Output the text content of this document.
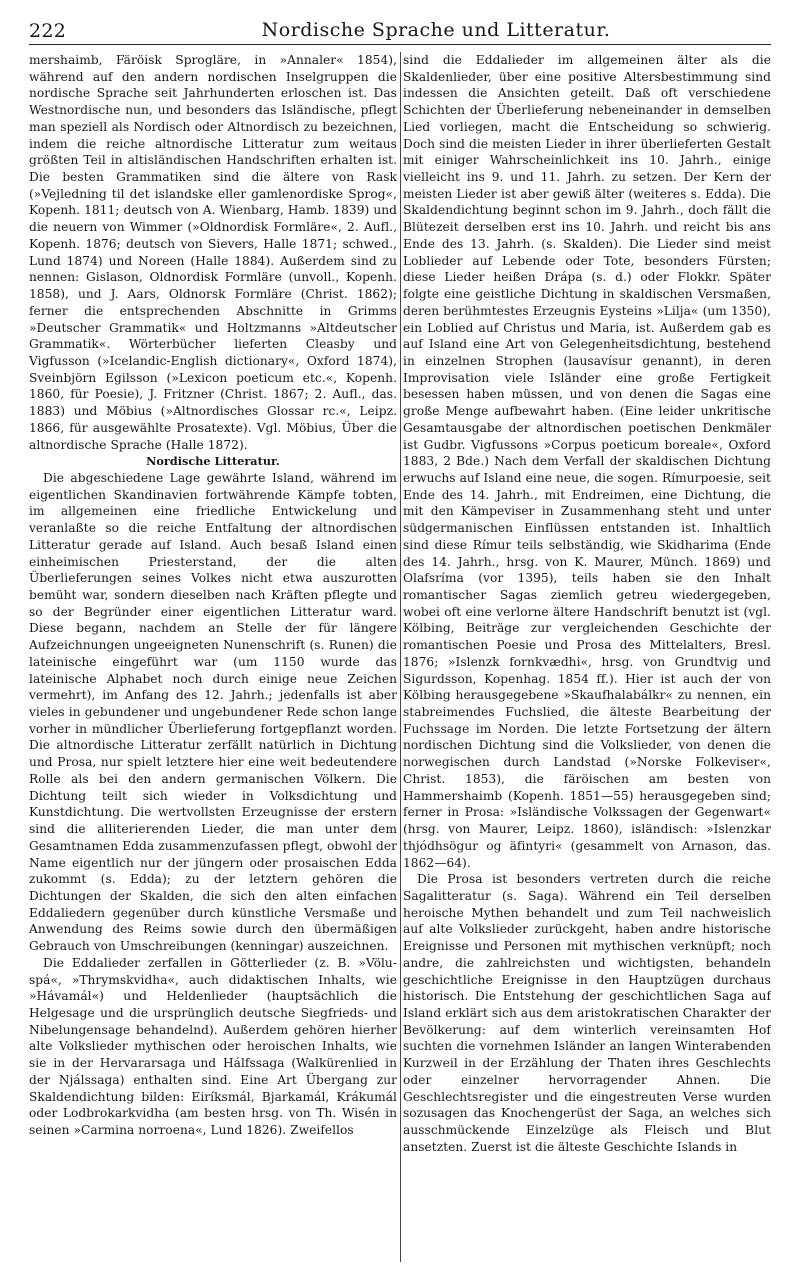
222	Nordische Sprache und Litteratur.

mershaimb, Färöisk Sprogläre, in »Annaler« 1854), während auf den andern nordischen Inselgruppen die nordische Sprache seit Jahrhunderten erloschen ist. Das Westnordische nun, und besonders das Isländische, pflegt man speziell als Nordisch oder Altnordisch zu bezeichnen, indem die reiche altnordische Litteratur zum weitaus größten Teil in altisländischen Handschriften erhalten ist. Die besten Grammatiken sind die ältere von Rask (»Vejledning til det islandske eller gamlenordiske Sprog«, Kopenh. 1811; deutsch von A. Wienbarg, Hamb. 1839) und die neuern von Wimmer (»Oldnordisk Formläre«, 2. Aufl., Kopenh. 1876; deutsch von Sievers, Halle 1871; schwed., Lund 1874) und Noreen (Halle 1884). Außerdem sind zu nennen: Gislason, Oldnordisk Formläre (unvoll., Kopenh. 1858), und J. Aars, Oldnorsk Formläre (Christ. 1862); ferner die entsprechenden Abschnitte in Grimms »Deutscher Grammatik« und Holtzmanns »Altdeutscher Grammatik«. Wörterbücher lieferten Cleasby und Vigfusson (»Icelandic-English dictionary«, Oxford 1874), Sveinbjörn Egilsson (»Lexicon poeticum etc.«, Kopenh. 1860, für Poesie), J. Fritzner (Christ. 1867; 2. Aufl., das. 1883) und Möbius (»Altnordisches Glossar rc.«, Leipz. 1866, für ausgewählte Prosatexte). Vgl. Möbius, Über die altnordische Sprache (Halle 1872).

Nordische Litteratur.

Die abgeschiedene Lage gewährte Island, während im eigentlichen Skandinavien fortwährende Kämpfe tobten, im allgemeinen eine friedliche Entwickelung und veranlaßte so die reiche Entfaltung der altnordischen Litteratur gerade auf Island. Auch besaß Island einen einheimischen Priesterstand, der die alten Überlieferungen seines Volkes nicht etwa auszurotten bemüht war, sondern dieselben nach Kräften pflegte und so der Begründer einer eigentlichen Litteratur ward. Diese begann, nachdem an Stelle der für längere Aufzeichnungen ungeeigneten Nunenschrift (s. Runen) die lateinische eingeführt war (um 1150 wurde das lateinische Alphabet noch durch einige neue Zeichen vermehrt), im Anfang des 12. Jahrh.; jedenfalls ist aber vieles in gebundener und ungebundener Rede schon lange vorher in mündlicher Überlieferung fortgepflanzt worden. Die altnordische Litteratur zerfällt natürlich in Dichtung und Prosa, nur spielt letztere hier eine weit bedeutendere Rolle als bei den andern germanischen Völkern. Die Dichtung teilt sich wieder in Volksdichtung und Kunstdichtung. Die wertvollsten Erzeugnisse der erstern sind die alliterierenden Lieder, die man unter dem Gesamtnamen Edda zusammenzufassen pflegt, obwohl der Name eigentlich nur der jüngern oder prosaischen Edda zukommt (s. Edda); zu der letztern gehören die Dichtungen der Skalden, die sich den alten einfachen Eddaliedern gegenüber durch künstliche Versmaße und Anwendung des Reims sowie durch den übermäßigen Gebrauch von Umschreibungen (kenningar) auszeichnen.

Die Eddalieder zerfallen in Götterlieder (z. B. »Völu-spá«, »Thrymskvidha«, auch didaktischen Inhalts, wie »Hávamál«) und Heldenlieder (hauptsächlich die Helgesage und die ursprünglich deutsche Siegfrieds- und Nibelungensage behandelnd). Außerdem gehören hierher alte Volkslieder mythischen oder heroischen Inhalts, wie sie in der Hervararsaga und Hálfssaga (Walkürenlied in der Njálssaga) enthalten sind. Eine Art Übergang zur Skaldendichtung bilden: Eiríksmál, Bjarkamál, Krákumál oder Lodbrokarkvidha (am besten hrsg. von Th. Wisén in seinen »Carmina norroena«, Lund 1826). Zweifellos

sind die Eddalieder im allgemeinen älter als die Skaldenlieder, über eine positive Altersbestimmung sind indessen die Ansichten geteilt. Daß oft verschiedene Schichten der Überlieferung nebeneinander in demselben Lied vorliegen, macht die Entscheidung so schwierig. Doch sind die meisten Lieder in ihrer überlieferten Gestalt mit einiger Wahrscheinlichkeit ins 10. Jahrh., einige vielleicht ins 9. und 11. Jahrh. zu setzen. Der Kern der meisten Lieder ist aber gewiß älter (weiteres s. Edda). Die Skaldendichtung beginnt schon im 9. Jahrh., doch fällt die Blütezeit derselben erst ins 10. Jahrh. und reicht bis ans Ende des 13. Jahrh. (s. Skalden). Die Lieder sind meist Loblieder auf Lebende oder Tote, besonders Fürsten; diese Lieder heißen Drápa (s. d.) oder Flokkr. Später folgte eine geistliche Dichtung in skaldischen Versmaßen, deren berühmtestes Erzeugnis Eysteins »Lilja« (um 1350), ein Loblied auf Christus und Maria, ist. Außerdem gab es auf Island eine Art von Gelegenheitsdichtung, bestehend in einzelnen Strophen (lausavísur genannt), in deren Improvisation viele Isländer eine große Fertigkeit besessen haben müssen, und von denen die Sagas eine große Menge aufbewahrt haben. (Eine leider unkritische Gesamtausgabe der altnordischen poetischen Denkmäler ist Gudbr. Vigfussons »Corpus poeticum boreale«, Oxford 1883, 2 Bde.) Nach dem Verfall der skaldischen Dichtung erwuchs auf Island eine neue, die sogen. Rímurpoesie, seit Ende des 14. Jahrh., mit Endreimen, eine Dichtung, die mit den Kämpeviser in Zusammenhang steht und unter südgermanischen Einflüssen entstanden ist. Inhaltlich sind diese Rímur teils selbständig, wie Skidharima (Ende des 14. Jahrh., hrsg. von K. Maurer, Münch. 1869) und Olafsríma (vor 1395), teils haben sie den Inhalt romantischer Sagas ziemlich getreu wiedergegeben, wobei oft eine verlorne ältere Handschrift benutzt ist (vgl. Kölbing, Beiträge zur vergleichenden Geschichte der romantischen Poesie und Prosa des Mittelalters, Bresl. 1876; »Islenzk fornkvædhi«, hrsg. von Grundtvig und Sigurdsson, Kopenhag. 1854 ff.). Hier ist auch der von Kölbing herausgegebene »Skaufhalabálkr« zu nennen, ein stabreimendes Fuchslied, die älteste Bearbeitung der Fuchssage im Norden. Die letzte Fortsetzung der ältern nordischen Dichtung sind die Volkslieder, von denen die norwegischen durch Landstad (»Norske Folkeviser«, Christ. 1853), die färöischen am besten von Hammershaimb (Kopenh. 1851—55) herausgegeben sind; ferner in Prosa: »Isländische Volkssagen der Gegenwart« (hrsg. von Maurer, Leipz. 1860), isländisch: »Islenzkar thjódhsögur og äfintyri« (gesammelt von Arnason, das. 1862—64).

Die Prosa ist besonders vertreten durch die reiche Sagalitteratur (s. Saga). Während ein Teil derselben heroische Mythen behandelt und zum Teil nachweislich auf alte Volkslieder zurückgeht, haben andre historische Ereignisse und Personen mit mythischen verknüpft; noch andre, die zahlreichsten und wichtigsten, behandeln geschichtliche Ereignisse in den Hauptzügen durchaus historisch. Die Entstehung der geschichtlichen Saga auf Island erklärt sich aus dem aristokratischen Charakter der Bevölkerung: auf dem winterlich vereinsamten Hof suchten die vornehmen Isländer an langen Winterabenden Kurzweil in der Erzählung der Thaten ihres Geschlechts oder einzelner hervorragender Ahnen. Die Geschlechtsregister und die eingestreuten Verse wurden sozusagen das Knochengerüst der Saga, an welches sich ausschmückende Einzelzüge als Fleisch und Blut ansetzten. Zuerst ist die älteste Geschichte Islands in
